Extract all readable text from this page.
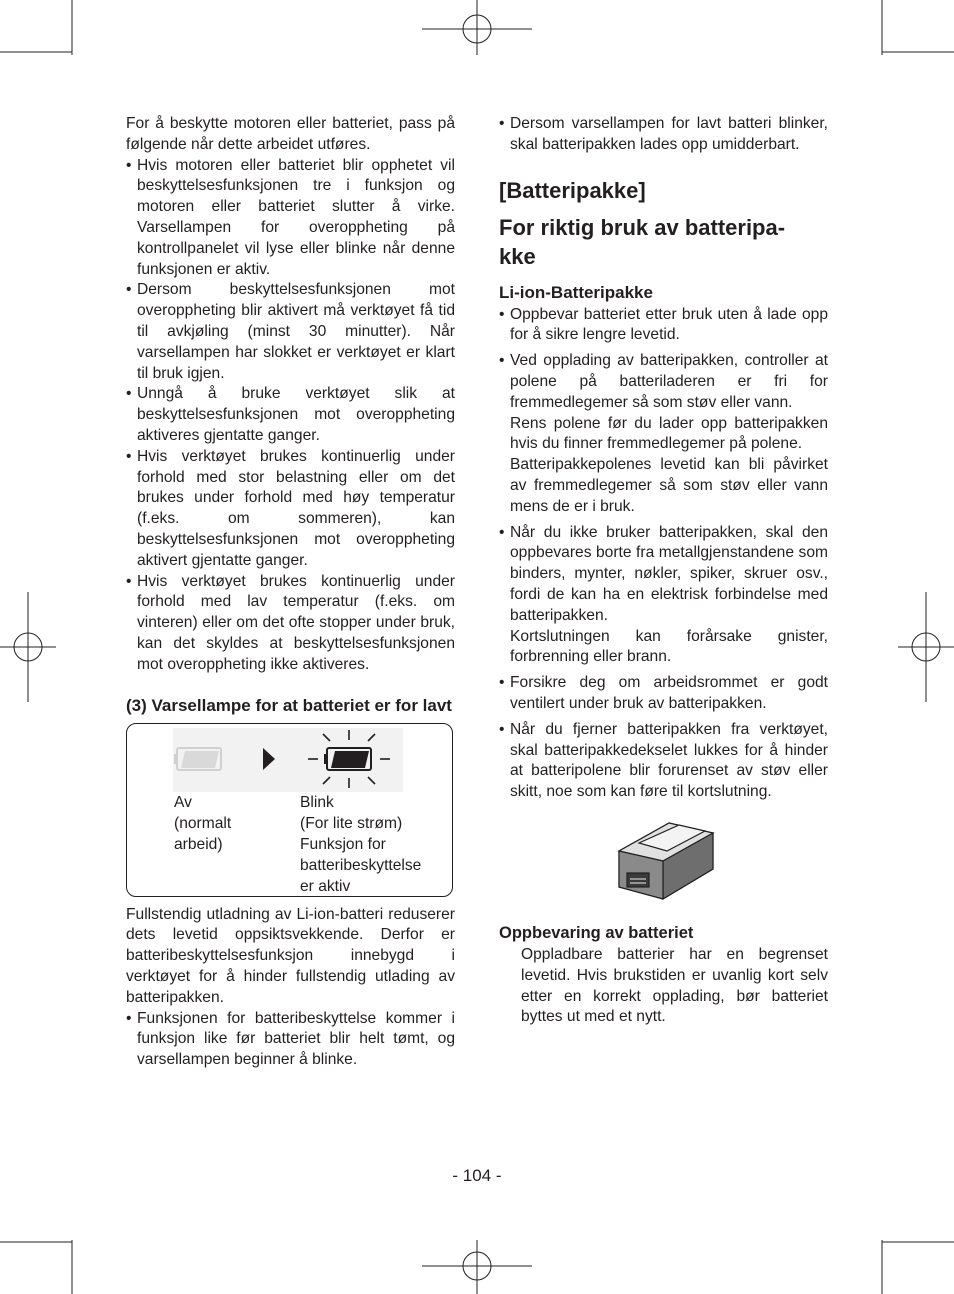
For å beskytte motoren eller batteriet, pass på følgende når dette arbeidet utføres.

• Hvis motoren eller batteriet blir opphetet vil beskyttelsesfunksjonen tre i funksjon og motoren eller batteriet slutter å virke. Varsellampen for overoppheting på kontrollpanelet vil lyse eller blinke når denne funksjonen er aktiv.

• Dersom beskyttelsesfunksjonen mot overoppheting blir aktivert må verktøyet få tid til avkjøling (minst 30 minutter). Når varsellampen har slokket er verktøyet er klart til bruk igjen.

• Unngå å bruke verktøyet slik at beskyttelsesfunksjonen mot overoppheting aktiveres gjentatte ganger.

• Hvis verktøyet brukes kontinuerlig under forhold med stor belastning eller om det brukes under forhold med høy temperatur (f.eks. om sommeren), kan beskyttelsesfunksjonen mot overoppheting aktivert gjentatte ganger.

• Hvis verktøyet brukes kontinuerlig under forhold med lav temperatur (f.eks. om vinteren) eller om det ofte stopper under bruk, kan det skyldes at beskyttelsesfunksjonen mot overoppheting ikke aktiveres.

(3) Varsellampe for at batteriet er for lavt
Av
(normalt
arbeid)
Blink
(For lite strøm)
Funksjon for
batteribeskyttelse
er aktiv

Fullstendig utladning av Li-ion-batteri reduserer dets levetid oppsiktsvekkende. Derfor er batteribeskyttelsesfunksjon innebygd i verktøyet for å hinder fullstendig utlading av batteripakken.

• Funksjonen for batteribeskyttelse kommer i funksjon like før batteriet blir helt tømt, og varsellampen beginner å blinke.

• Dersom varsellampen for lavt batteri blinker, skal batteripakken lades opp umidderbart.

[Batteripakke]
For riktig bruk av batteripa-
kke
Li-ion-Batteripakke

• Oppbevar batteriet etter bruk uten å lade opp for å sikre lengre levetid.

• Ved opplading av batteripakken, controller at polene på batteriladeren er fri for fremmedlegemer så som støv eller vann.

Rens polene før du lader opp batteripakken hvis du finner fremmedlegemer på polene.

Batteripakkepolenes levetid kan bli påvirket av fremmedlegemer så som støv eller vann mens de er i bruk.

• Når du ikke bruker batteripakken, skal den oppbevares borte fra metallgjenstandene som binders, mynter, nøkler, spiker, skruer osv., fordi de kan ha en elektrisk forbindelse med batteripakken.

Kortslutningen kan forårsake gnister, forbrenning eller brann.

• Forsikre deg om arbeidsrommet er godt ventilert under bruk av batteripakken.

• Når du fjerner batteripakken fra verktøyet, skal batteripakkedekselet lukkes for å hinder at batteripolene blir forurenset av støv eller skitt, noe som kan føre til kortslutning.

Oppbevaring av batteriet

Oppladbare batterier har en begrenset levetid. Hvis brukstiden er uvanlig kort selv etter en korrekt opplading, bør batteriet byttes ut med et nytt.

- 104 -
